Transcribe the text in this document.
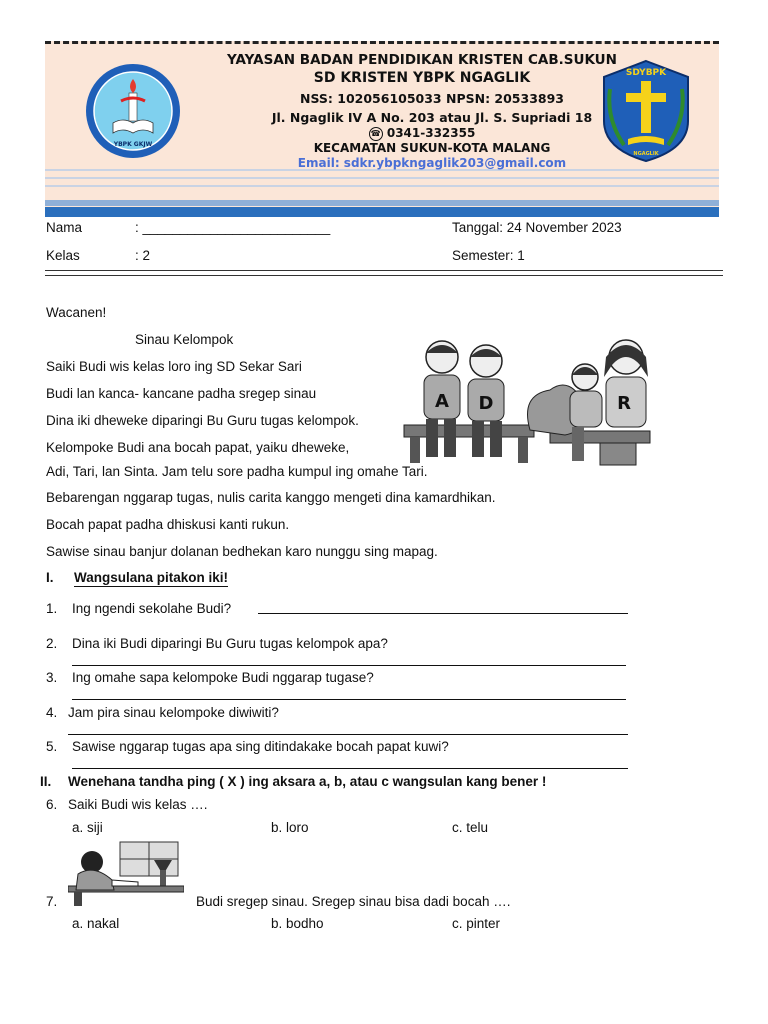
YBPK GKJW
YAYASAN BADAN PENDIDIKAN KRISTEN CAB.SUKUN
SD KRISTEN YBPK NGAGLIK
NSS: 102056105033 NPSN: 20533893
Jl. Ngaglik IV A No. 203 atau Jl. S. Supriadi 18
☎ 0341-332355
KECAMATAN SUKUN-KOTA MALANG
Email: sdkr.ybpkngaglik203@gmail.com
SDYBPK
NGAGLIK
Nama	: _________________________	Tanggal: 24 November 2023
Kelas	: 2	Semester: 1
Wacanen!
Sinau Kelompok
Saiki Budi wis kelas loro ing SD Sekar Sari
Budi lan kanca- kancane padha sregep sinau
Dina iki dheweke diparingi Bu Guru tugas kelompok.
Kelompoke Budi ana bocah papat, yaiku dheweke,
Adi, Tari, lan Sinta. Jam telu sore padha kumpul ing omahe Tari.
Bebarengan nggarap tugas, nulis carita kanggo mengeti dina kamardhikan.
Bocah papat padha dhiskusi kanti rukun.
Sawise sinau banjur dolanan bedhekan karo nunggu sing mapag.
A D	R
I. Wangsulana pitakon iki!
1. Ing ngendi sekolahe Budi?
2. Dina iki Budi diparingi Bu Guru tugas kelompok apa?
3. Ing omahe sapa kelompoke Budi nggarap tugase?
4. Jam pira sinau kelompoke diwiwiti?
5. Sawise nggarap tugas apa sing ditindakake bocah papat kuwi?
II. Wenehana tandha ping ( X ) ing aksara a, b, atau c wangsulan kang bener !
6. Saiki Budi wis kelas ….
a. siji	b. loro	c. telu
7.	Budi sregep sinau. Sregep sinau bisa dadi bocah ….
a. nakal	b. bodho	c. pinter
